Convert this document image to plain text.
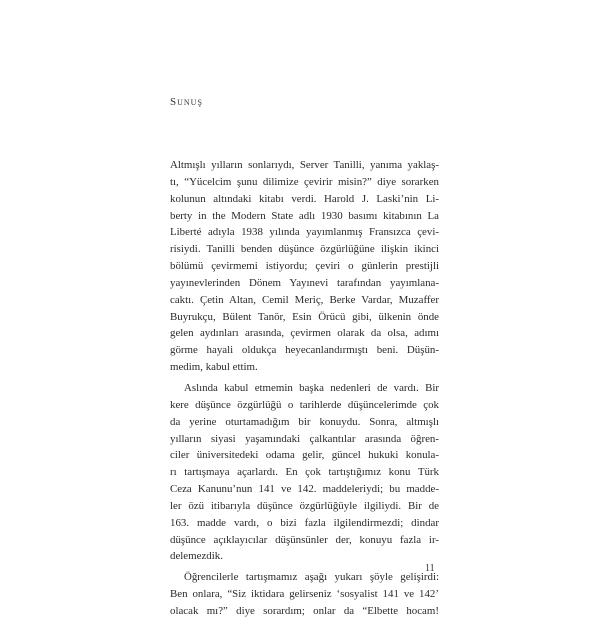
Sunuş
Altmışlı yılların sonlarıydı, Server Tanilli, yanıma yaklaş-
tı, “Yücelcim şunu dilimize çevirir misin?” diye sorarken
kolunun altındaki kitabı verdi. Harold J. Laski’nin Li-
berty in the Modern State adlı 1930 basımı kitabının La
Liberté adıyla 1938 yılında yayımlanmış Fransızca çevi-
risiydi. Tanilli benden düşünce özgürlüğüne ilişkin ikinci
bölümü çevirmemi istiyordu; çeviri o günlerin prestijli
yayınevlerinden Dönem Yayınevi tarafından yayımlana-
caktı. Çetin Altan, Cemil Meriç, Berke Vardar, Muzaffer
Buyrukçu, Bülent Tanör, Esin Örücü gibi, ülkenin önde
gelen aydınları arasında, çevirmen olarak da olsa, adımı
görme hayali oldukça heyecanlandırmıştı beni. Düşün-
medim, kabul ettim.
Aslında kabul etmemin başka nedenleri de vardı. Bir
kere düşünce özgürlüğü o tarihlerde düşüncelerimde çok
da yerine oturtamadığım bir konuydu. Sonra, altmışlı
yılların siyasi yaşamındaki çalkantılar arasında öğren-
ciler üniversitedeki odama gelir, güncel hukuki konula-
rı tartışmaya açarlardı. En çok tartıştığımız konu Türk
Ceza Kanunu’nun 141 ve 142. maddeleriydi; bu madde-
ler özü itibarıyla düşünce özgürlüğüyle ilgiliydi. Bir de
163. madde vardı, o bizi fazla ilgilendirmezdi; dindar
düşünce açıklayıcılar düşünsünler der, konuyu fazla ir-
delemezdik.
Öğrencilerle tartışmamız aşağı yukarı şöyle gelişirdi:
Ben onlara, “Siz iktidara gelirseniz ‘sosyalist 141 ve 142’
olacak mı?” diye sorardım; onlar da “Elbette hocam!
11
